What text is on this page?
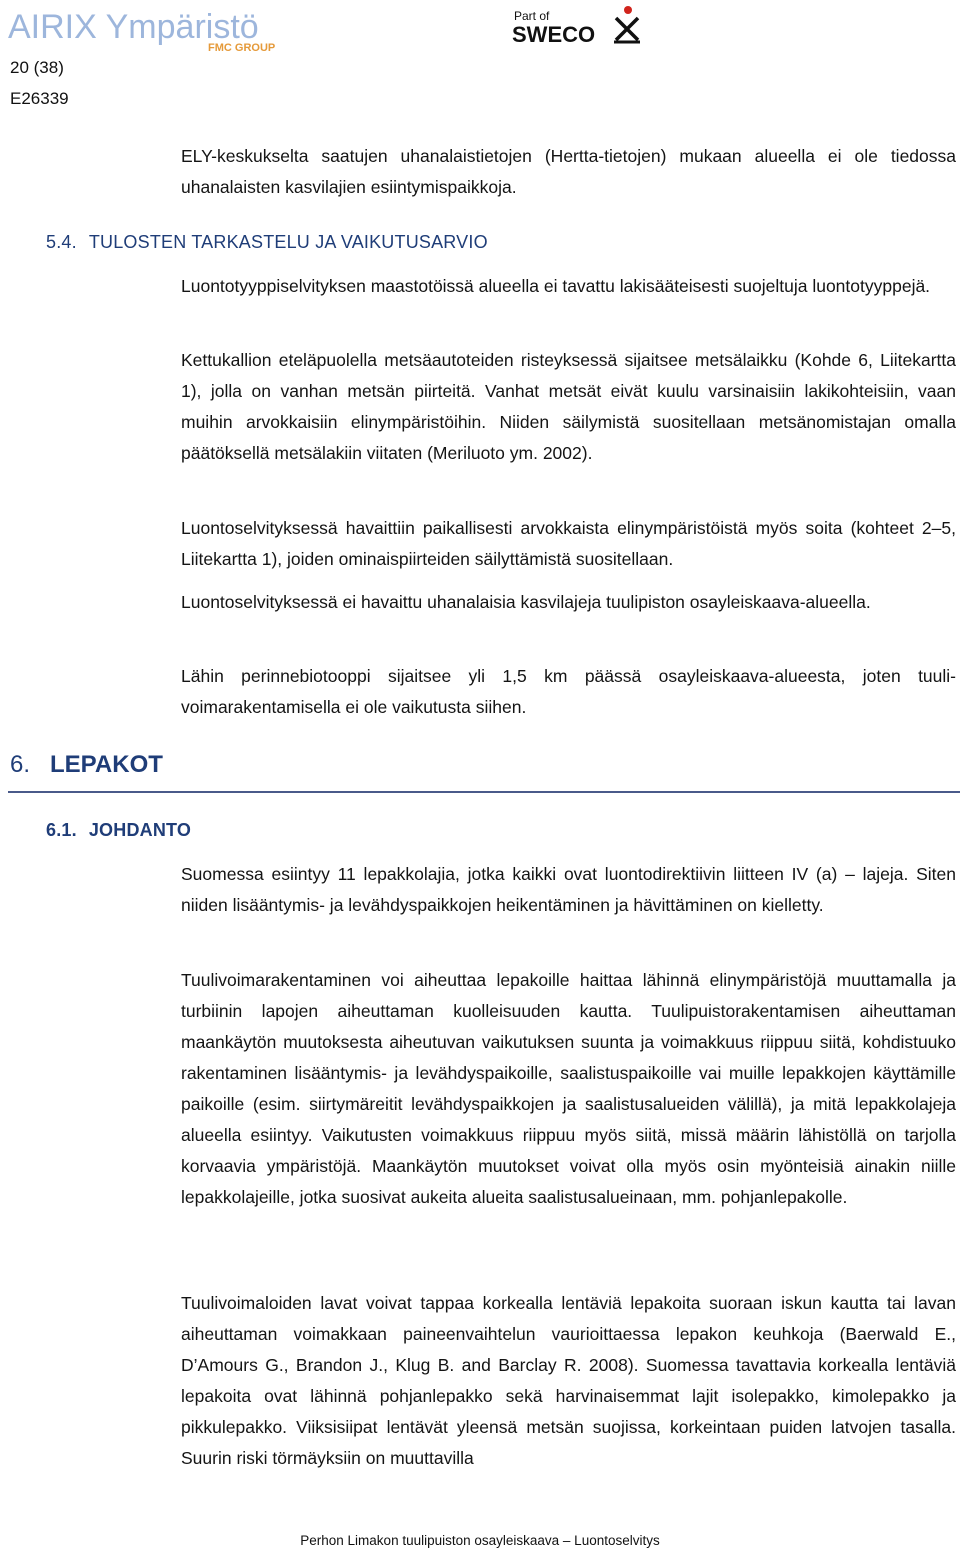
AIRIX Ympäristö
FMC GROUP
Part of
SWECO
20 (38)
E26339
ELY-keskukselta saatujen uhanalaistietojen (Hertta-tietojen) mukaan alueella ei ole tiedossa uhanalaisten kasvilajien esiintymispaikkoja.
5.4. TULOSTEN TARKASTELU JA VAIKUTUSARVIO
Luontotyyppiselvityksen maastotöissä alueella ei tavattu lakisääteisesti suojeltuja luontotyyppejä.
Kettukallion eteläpuolella metsäautoteiden risteyksessä sijaitsee metsälaikku (Kohde 6, Liitekartta 1), jolla on vanhan metsän piirteitä. Vanhat metsät eivät kuulu varsinaisiin lakikohteisiin, vaan muihin arvokkaisiin elinympäristöihin. Niiden säilymistä suositellaan metsänomistajan omalla päätöksellä metsälakiin viitaten (Meriluoto ym. 2002).
Luontoselvityksessä havaittiin paikallisesti arvokkaista elinympäristöistä myös soita (kohteet 2–5, Liitekartta 1), joiden ominaispiirteiden säilyttämistä suositellaan.
Luontoselvityksessä ei havaittu uhanalaisia kasvilajeja tuulipiston osayleiskaava-alueella.
Lähin perinnebiotooppi sijaitsee yli 1,5 km päässä osayleiskaava-alueesta, joten tuulivoimarakentamisella ei ole vaikutusta siihen.
6. LEPAKOT
6.1. JOHDANTO
Suomessa esiintyy 11 lepakkolajia, jotka kaikki ovat luontodirektiivin liitteen IV (a) – lajeja. Siten niiden lisääntymis- ja levähdyspaikkojen heikentäminen ja hävittäminen on kielletty.
Tuulivoimarakentaminen voi aiheuttaa lepakoille haittaa lähinnä elinympäristöjä muuttamalla ja turbiinin lapojen aiheuttaman kuolleisuuden kautta. Tuulipuistorakentamisen aiheuttaman maankäytön muutoksesta aiheutuvan vaikutuksen suunta ja voimakkuus riippuu siitä, kohdistuuko rakentaminen lisääntymis- ja levähdyspaikoille, saalistuspaikoille vai muille lepakkojen käyttämille paikoille (esim. siirtymäreitit levähdyspaikkojen ja saalistusalueiden välillä), ja mitä lepakkolajeja alueella esiintyy. Vaikutusten voimakkuus riippuu myös siitä, missä määrin lähistöllä on tarjolla korvaavia ympäristöjä. Maankäytön muutokset voivat olla myös osin myönteisiä ainakin niille lepakkolajeille, jotka suosivat aukeita alueita saalistusalueinaan, mm. pohjanlepakolle.
Tuulivoimaloiden lavat voivat tappaa korkealla lentäviä lepakoita suoraan iskun kautta tai lavan aiheuttaman voimakkaan paineenvaihtelun vaurioittaessa lepakon keuhkoja (Baerwald E., D’Amours G., Brandon J., Klug B. and Barclay R. 2008). Suomessa tavattavia korkealla lentäviä lepakoita ovat lähinnä pohjanlepakko sekä harvinaisemmat lajit isolepakko, kimolepakko ja pikkulepakko. Viiksisiipat lentävät yleensä metsän suojissa, korkeintaan puiden latvojen tasalla. Suurin riski törmäyksiin on muuttavilla
Perhon Limakon tuulipuiston osayleiskaava – Luontoselvitys
